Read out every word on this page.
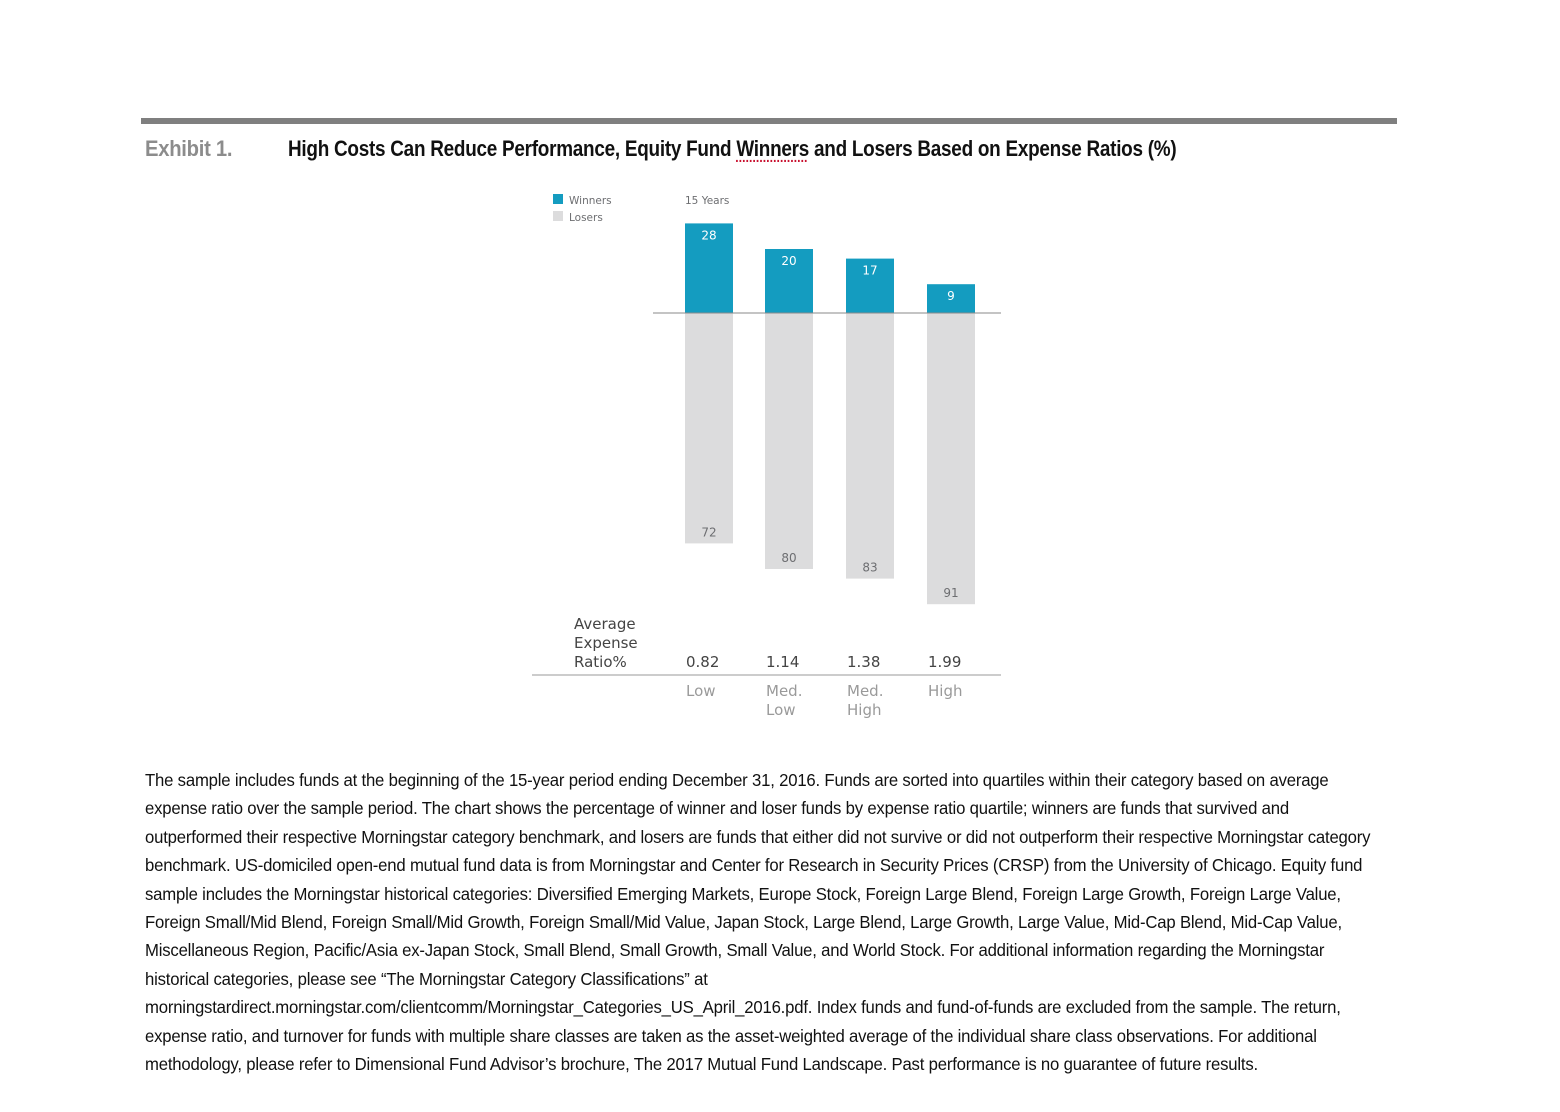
Exhibit 1.	High Costs Can Reduce Performance, Equity Fund Winners and Losers Based on Expense Ratios (%)
Winners
Losers
15 Years
28
72
0.82
Low
20
80
1.14
Med.
Low
17
83
1.38
Med.
High
9
91
1.99
High
Average
Expense
Ratio%
The sample includes funds at the beginning of the 15-year period ending December 31, 2016. Funds are sorted into quartiles within their category based on average expense ratio over the sample period. The chart shows the percentage of winner and loser funds by expense ratio quartile; winners are funds that survived and outperformed their respective Morningstar category benchmark, and losers are funds that either did not survive or did not outperform their respective Morningstar category benchmark. US-domiciled open-end mutual fund data is from Morningstar and Center for Research in Security Prices (CRSP) from the University of Chicago. Equity fund sample includes the Morningstar historical categories: Diversified Emerging Markets, Europe Stock, Foreign Large Blend, Foreign Large Growth, Foreign Large Value, Foreign Small/Mid Blend, Foreign Small/Mid Growth, Foreign Small/Mid Value, Japan Stock, Large Blend, Large Growth, Large Value, Mid-Cap Blend, Mid-Cap Value, Miscellaneous Region, Pacific/Asia ex-Japan Stock, Small Blend, Small Growth, Small Value, and World Stock. For additional information regarding the Morningstar historical categories, please see “The Morningstar Category Classifications” at morningstardirect.morningstar.com/clientcomm/Morningstar_Categories_US_April_2016.pdf. Index funds and fund-of-funds are excluded from the sample. The return, expense ratio, and turnover for funds with multiple share classes are taken as the asset-weighted average of the individual share class observations. For additional methodology, please refer to Dimensional Fund Advisor’s brochure, The 2017 Mutual Fund Landscape. Past performance is no guarantee of future results.
